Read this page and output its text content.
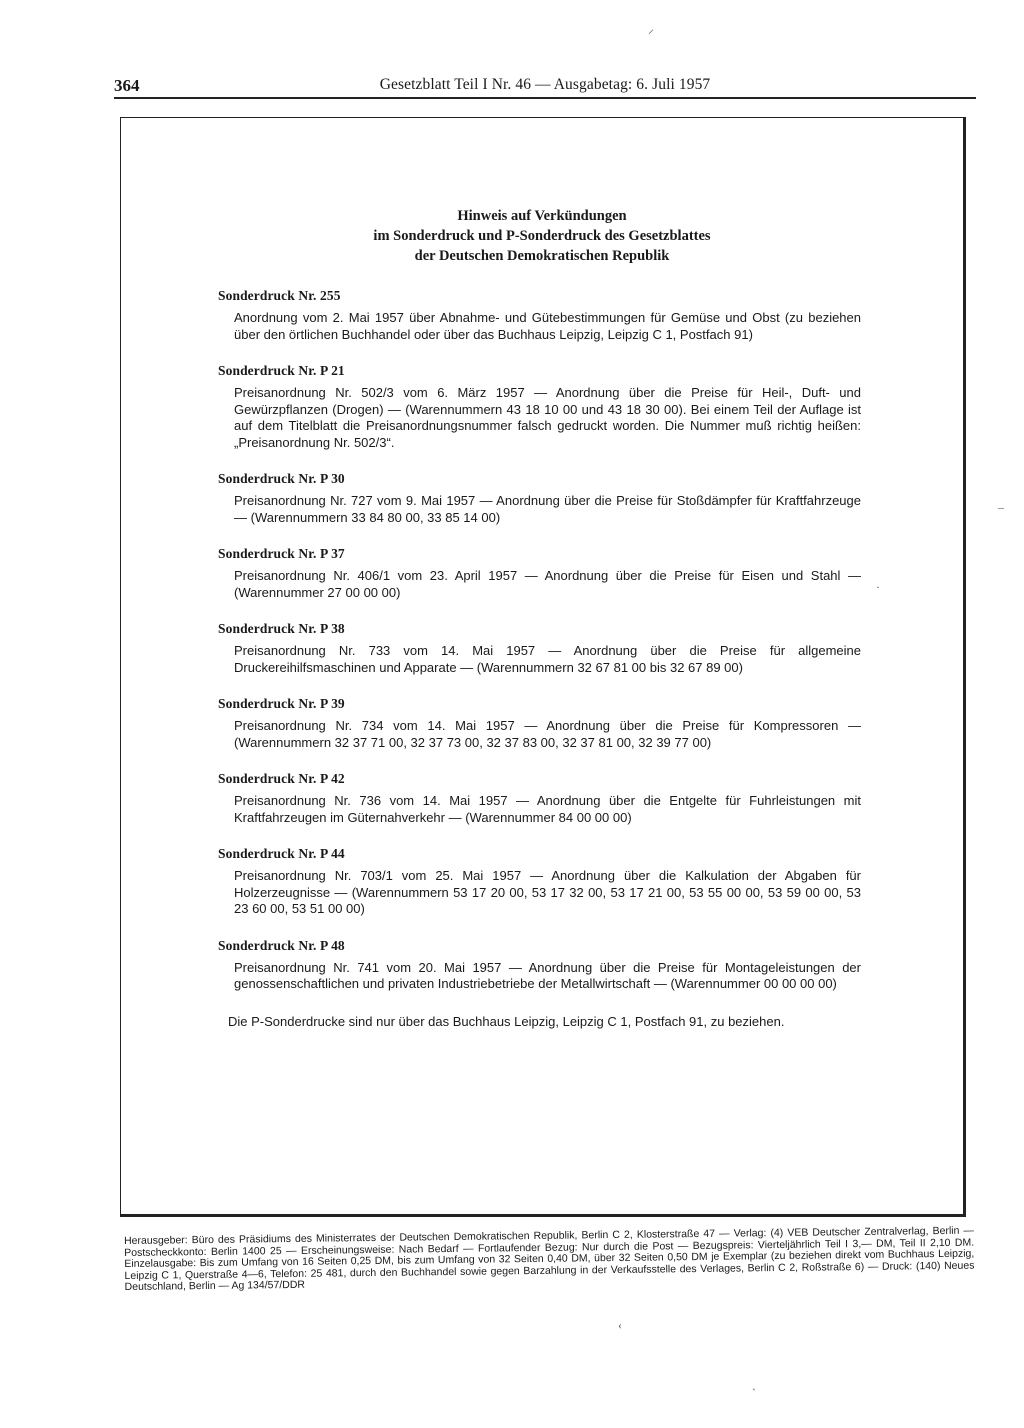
364	Gesetzblatt Teil I Nr. 46 — Ausgabetag: 6. Juli 1957
Hinweis auf Verkündungen
im Sonderdruck und P-Sonderdruck des Gesetzblattes
der Deutschen Demokratischen Republik
Sonderdruck Nr. 255
Anordnung vom 2. Mai 1957 über Abnahme- und Gütebestimmungen für Gemüse und Obst (zu beziehen über den örtlichen Buchhandel oder über das Buchhaus Leipzig, Leipzig C 1, Postfach 91)
Sonderdruck Nr. P 21
Preisanordnung Nr. 502/3 vom 6. März 1957 — Anordnung über die Preise für Heil-, Duft- und Gewürzpflanzen (Drogen) — (Warennummern 43 18 10 00 und 43 18 30 00). Bei einem Teil der Auflage ist auf dem Titelblatt die Preisanordnungsnummer falsch gedruckt worden. Die Nummer muß richtig heißen: „Preisanordnung Nr. 502/3“.
Sonderdruck Nr. P 30
Preisanordnung Nr. 727 vom 9. Mai 1957 — Anordnung über die Preise für Stoßdämpfer für Kraftfahrzeuge — (Warennummern 33 84 80 00, 33 85 14 00)
Sonderdruck Nr. P 37
Preisanordnung Nr. 406/1 vom 23. April 1957 — Anordnung über die Preise für Eisen und Stahl — (Warennummer 27 00 00 00)
Sonderdruck Nr. P 38
Preisanordnung Nr. 733 vom 14. Mai 1957 — Anordnung über die Preise für allgemeine Druckereihilfsmaschinen und Apparate — (Warennummern 32 67 81 00 bis 32 67 89 00)
Sonderdruck Nr. P 39
Preisanordnung Nr. 734 vom 14. Mai 1957 — Anordnung über die Preise für Kompressoren — (Warennummern 32 37 71 00, 32 37 73 00, 32 37 83 00, 32 37 81 00, 32 39 77 00)
Sonderdruck Nr. P 42
Preisanordnung Nr. 736 vom 14. Mai 1957 — Anordnung über die Entgelte für Fuhrleistungen mit Kraftfahrzeugen im Güternahverkehr — (Warennummer 84 00 00 00)
Sonderdruck Nr. P 44
Preisanordnung Nr. 703/1 vom 25. Mai 1957 — Anordnung über die Kalkulation der Abgaben für Holzerzeugnisse — (Warennummern 53 17 20 00, 53 17 32 00, 53 17 21 00, 53 55 00 00, 53 59 00 00, 53 23 60 00, 53 51 00 00)
Sonderdruck Nr. P 48
Preisanordnung Nr. 741 vom 20. Mai 1957 — Anordnung über die Preise für Montageleistungen der genossenschaftlichen und privaten Industriebetriebe der Metallwirtschaft — (Warennummer 00 00 00 00)
Die P-Sonderdrucke sind nur über das Buchhaus Leipzig, Leipzig C 1, Postfach 91, zu beziehen.
Herausgeber: Büro des Präsidiums des Ministerrates der Deutschen Demokratischen Republik, Berlin C 2, Klosterstraße 47 — Verlag: (4) VEB Deutscher Zentralverlag, Berlin — Postscheckkonto: Berlin 1400 25 — Erscheinungsweise: Nach Bedarf — Fortlaufender Bezug: Nur durch die Post — Bezugspreis: Vierteljährlich Teil I 3,— DM, Teil II 2,10 DM. Einzelausgabe: Bis zum Umfang von 16 Seiten 0,25 DM, bis zum Umfang von 32 Seiten 0,40 DM, über 32 Seiten 0,50 DM je Exemplar (zu beziehen direkt vom Buchhaus Leipzig, Leipzig C 1, Querstraße 4—6, Telefon: 25 481, durch den Buchhandel sowie gegen Barzahlung in der Verkaufsstelle des Verlages, Berlin C 2, Roßstraße 6) — Druck: (140) Neues Deutschland, Berlin — Ag 134/57/DDR
⸝
–
·
‹
ˋ
